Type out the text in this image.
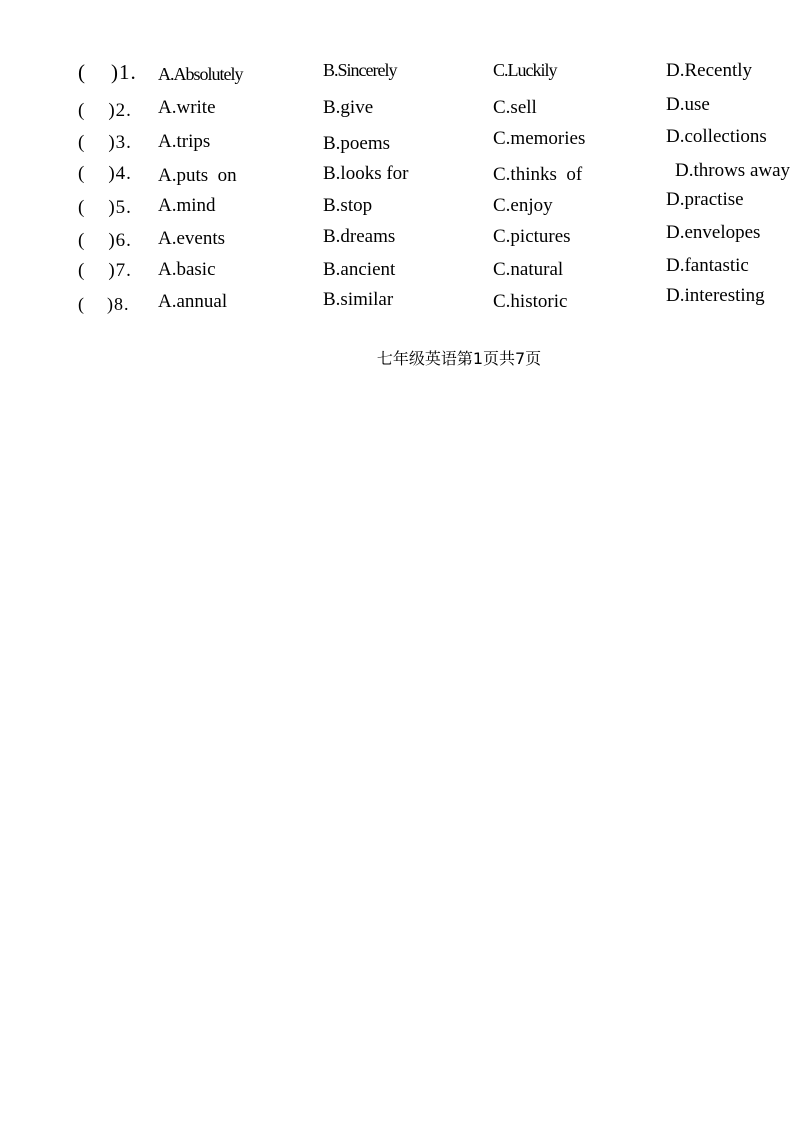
(    )1. A.Absolutely	B.Sincerely	C.Luckily	D.Recently
(    )2. A.write	B.give	C.sell	D.use
(    )3. A.trips	B.poems	C.memories	D.collections
(    )4. A.puts  on	B.looks for	C.thinks  of	D.throws away
(    )5. A.mind	B.stop	C.enjoy	D.practise
(    )6. A.events	B.dreams	C.pictures	D.envelopes
(    )7. A.basic	B.ancient	C.natural	D.fantastic
(    )8. A.annual	B.similar	C.historic	D.interesting
七年级英语第1页共7页
